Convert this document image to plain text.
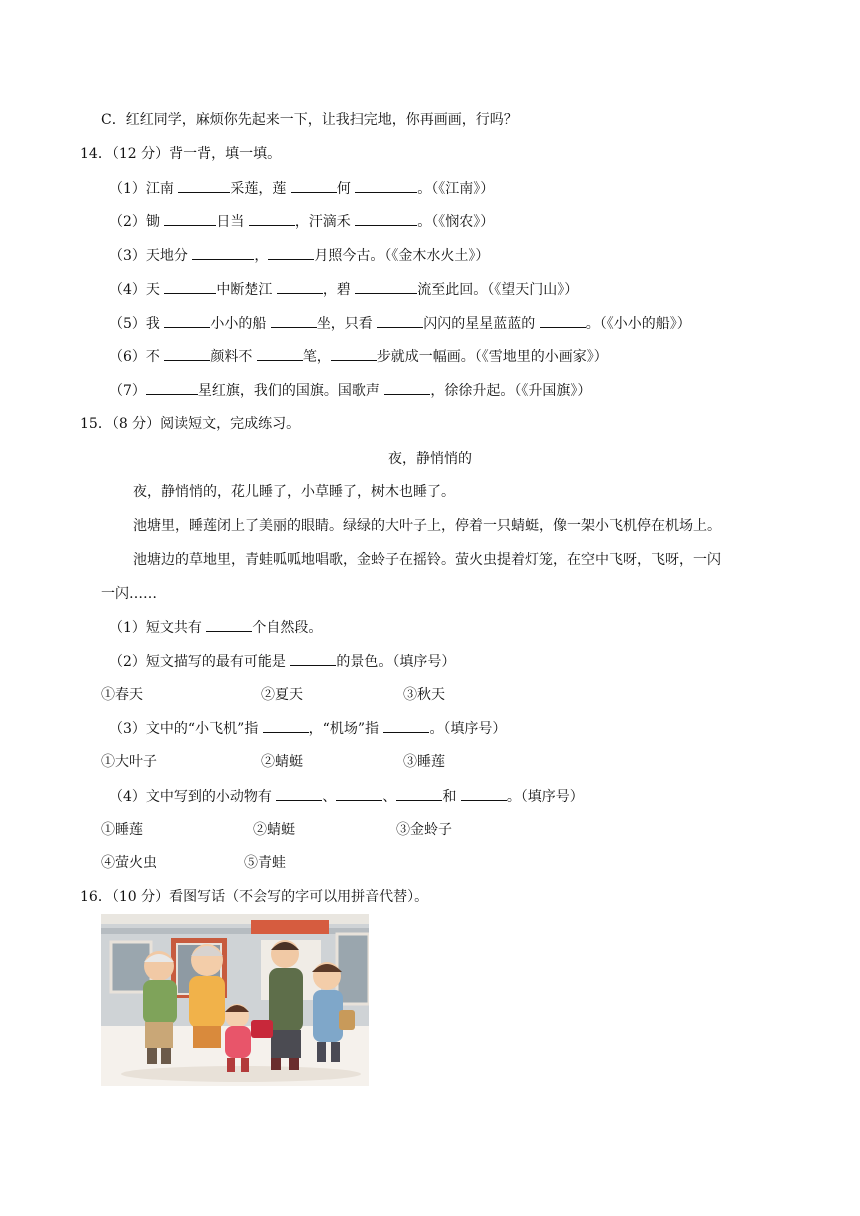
C．红红同学，麻烦你先起来一下，让我扫完地，你再画画，行吗？
14．（12 分）背一背，填一填。
（1）江南	采莲，莲	何	。（《江南》）
（2）锄	日当	，汗滴禾	。（《悯农》）
（3）天地分	，	月照今古。（《金木水火土》）
（4）天	中断楚江	，碧	流至此回。（《望天门山》）
（5）我	小小的船	坐，只看	闪闪的星星蓝蓝的	。（《小小的船》）
（6）不	颜料不	笔，	步就成一幅画。（《雪地里的小画家》）
（7）	星红旗，我们的国旗。国歌声	，徐徐升起。（《升国旗》）
15．（8 分）阅读短文，完成练习。
夜，静悄悄的
夜，静悄悄的，花儿睡了，小草睡了，树木也睡了。
池塘里，睡莲闭上了美丽的眼睛。绿绿的大叶子上，停着一只蜻蜓，像一架小飞机停在机场上。
池塘边的草地里，青蛙呱呱地唱歌，金蛉子在摇铃。萤火虫提着灯笼，在空中飞呀，飞呀，一闪
一闪……
（1）短文共有	个自然段。
（2）短文描写的最有可能是	的景色。（填序号）
①春天	②夏天	③秋天
（3）文中的“小飞机”指	，“机场”指	。（填序号）
①大叶子	②蜻蜓	③睡莲
（4）文中写到的小动物有	、	、	和	。（填序号）
①睡莲	②蜻蜓	③金蛉子
④萤火虫	⑤青蛙
16．（10 分）看图写话（不会写的字可以用拼音代替）。
